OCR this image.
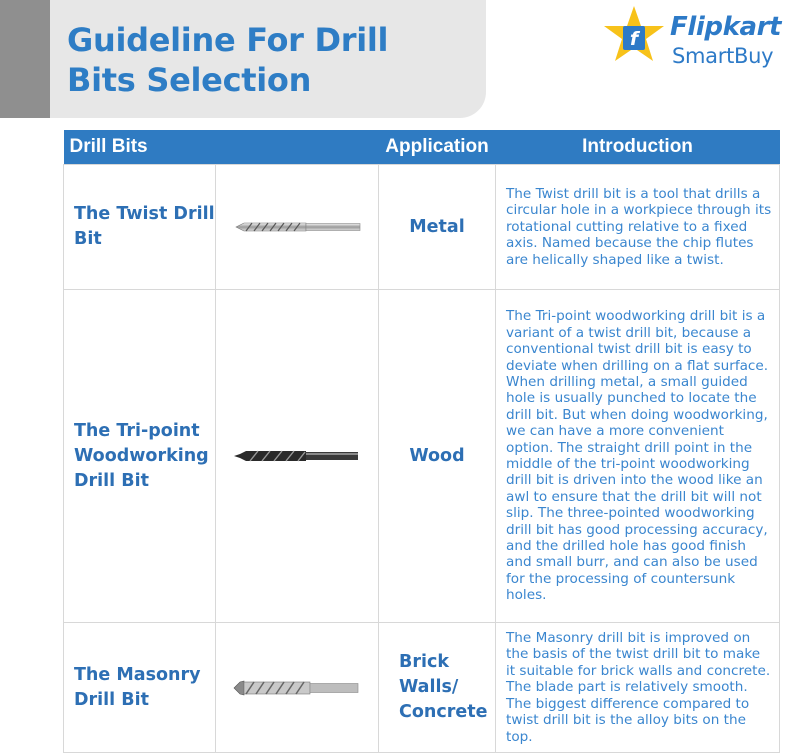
Guideline For Drill Bits Selection
f Flipkart
SmartBuy
Drill Bits		Application	Introduction
The Twist Drill Bit		Metal	The Twist drill bit is a tool that drills a circular hole in a workpiece through its rotational cutting relative to a fixed axis. Named because the chip flutes are helically shaped like a twist.
The Tri-point Woodworking Drill Bit		Wood	The Tri-point woodworking drill bit is a variant of a twist drill bit, because a conventional twist drill bit is easy to deviate when drilling on a flat surface. When drilling metal, a small guided hole is usually punched to locate the drill bit. But when doing woodworking, we can have a more convenient option. The straight drill point in the middle of the tri-point woodworking drill bit is driven into the wood like an awl to ensure that the drill bit will not slip. The three-pointed woodworking drill bit has good processing accuracy, and the drilled hole has good finish and small burr, and can also be used for the processing of countersunk holes.
The Masonry Drill Bit		Brick Walls/ Concrete	The Masonry drill bit is improved on the basis of the twist drill bit to make it suitable for brick walls and concrete. The blade part is relatively smooth. The biggest difference compared to twist drill bit is the alloy bits on the top.
